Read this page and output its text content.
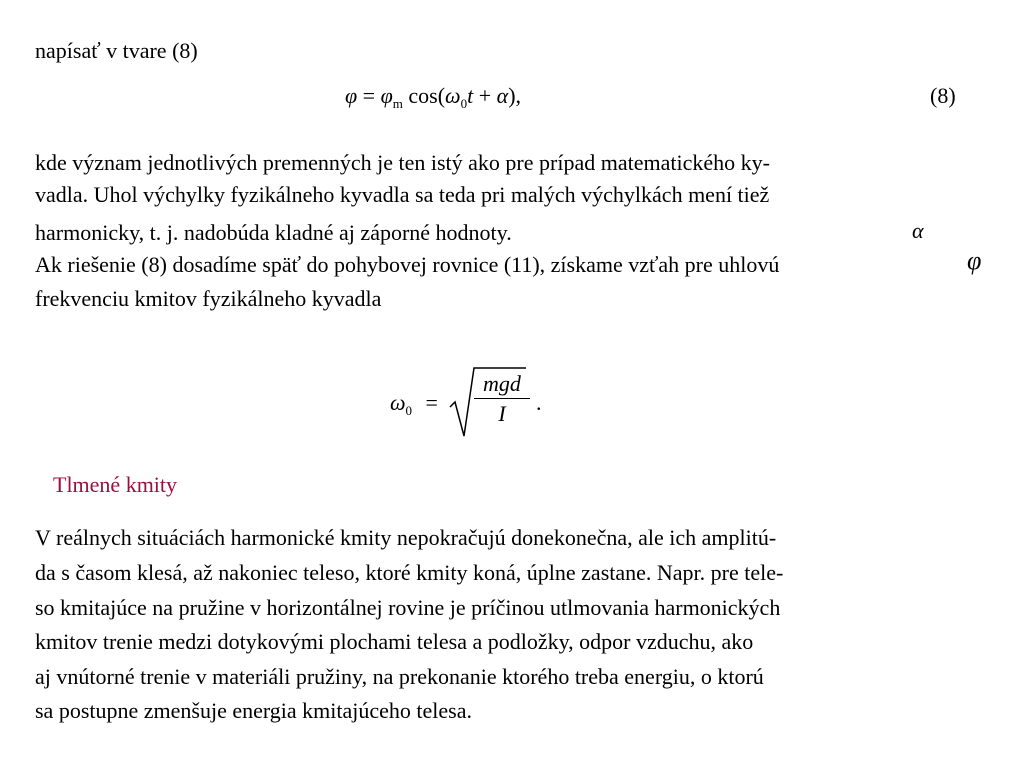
napísať v tvare (8)
$\varphi = \varphi_m$ $\cos(\omega_0t + \alpha)$,	(8)
kde význam jednotlivých premenných je ten istý ako pre prípad matematického ky-
vadla. Uhol výchylky fyzikálneho kyvadla sa teda pri malých výchylkách mení tiež
harmonicky, t. j. nadobúda kladné aj záporné hodnoty.	α
Ak riešenie (8) dosadíme späť do pohybovej rovnice (11), získame vzťah pre uhlovú	φ
frekvenciu kmitov fyzikálneho kyvadla
$\omega_0$ =
mgd
I	.
Tlmené kmity
V reálnych situáciách harmonické kmity nepokračujú donekonečna, ale ich amplitú-
da s časom klesá, až nakoniec teleso, ktoré kmity koná, úplne zastane. Napr. pre tele-
so kmitajúce na pružine v horizontálnej rovine je príčinou utlmovania harmonických
kmitov trenie medzi dotykovými plochami telesa a podložky, odpor vzduchu, ako
aj vnútorné trenie v materiáli pružiny, na prekonanie ktorého treba energiu, o ktorú
sa postupne zmenšuje energia kmitajúceho telesa.
